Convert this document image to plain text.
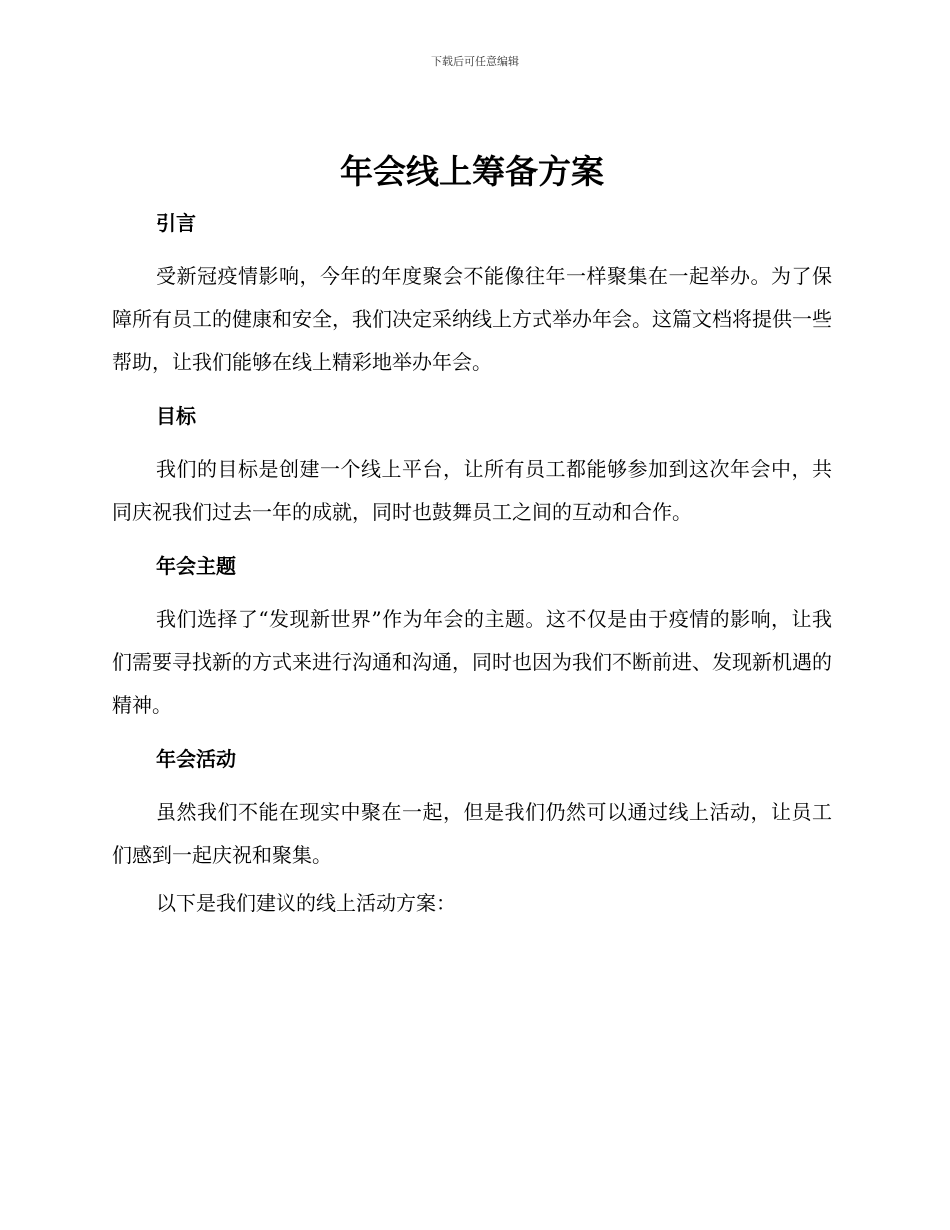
下载后可任意编辑
年会线上筹备方案
引言

受新冠疫情影响，今年的年度聚会不能像往年一样聚集在一起举办。为了保障所有员工的健康和安全，我们决定采纳线上方式举办年会。这篇文档将提供一些帮助，让我们能够在线上精彩地举办年会。

目标

我们的目标是创建一个线上平台，让所有员工都能够参加到这次年会中，共同庆祝我们过去一年的成就，同时也鼓舞员工之间的互动和合作。

年会主题

我们选择了“发现新世界”作为年会的主题。这不仅是由于疫情的影响，让我们需要寻找新的方式来进行沟通和沟通，同时也因为我们不断前进、发现新机遇的精神。

年会活动

虽然我们不能在现实中聚在一起，但是我们仍然可以通过线上活动，让员工们感到一起庆祝和聚集。

以下是我们建议的线上活动方案：
